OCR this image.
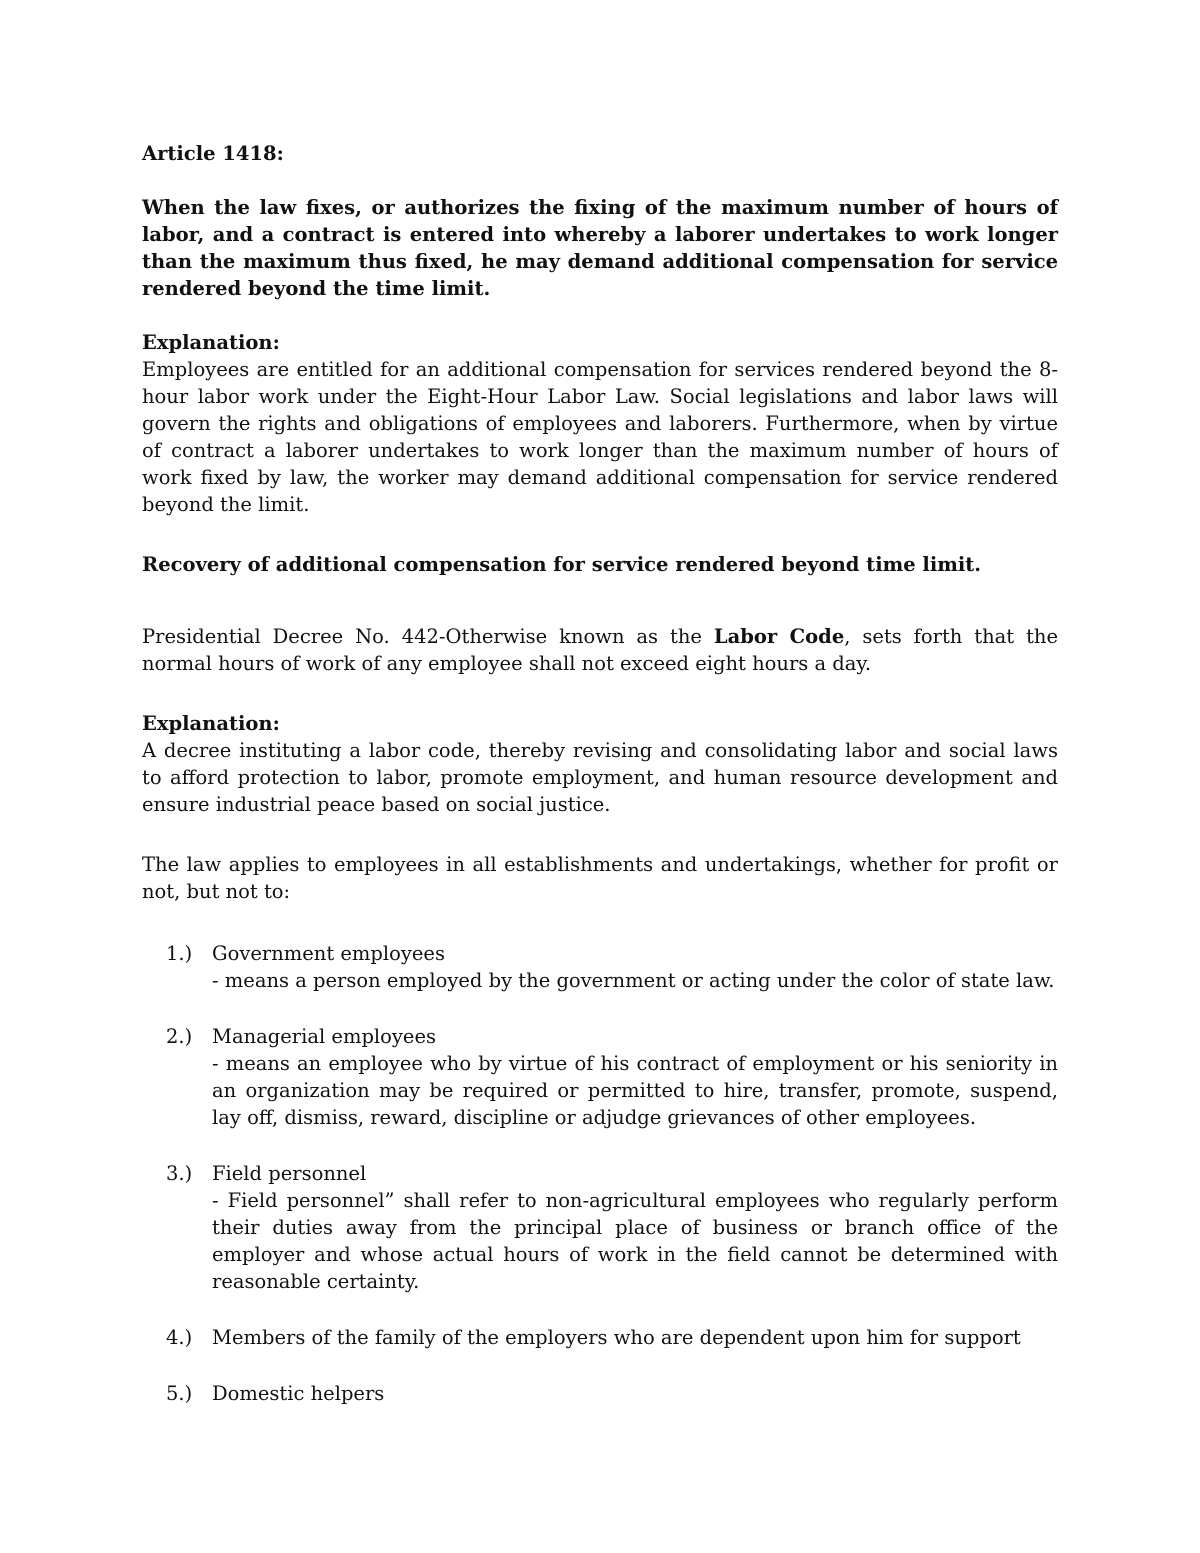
Article 1418:

When the law fixes, or authorizes the fixing of the maximum number of hours of labor, and a contract is entered into whereby a laborer undertakes to work longer than the maximum thus fixed, he may demand additional compensation for service rendered beyond the time limit.

Explanation:

Employees are entitled for an additional compensation for services rendered beyond the 8-hour labor work under the Eight-Hour Labor Law. Social legislations and labor laws will govern the rights and obligations of employees and laborers. Furthermore, when by virtue of contract a laborer undertakes to work longer than the maximum number of hours of work fixed by law, the worker may demand additional compensation for service rendered beyond the limit.

Recovery of additional compensation for service rendered beyond time limit.

Presidential Decree No. 442-Otherwise known as the Labor Code, sets forth that the normal hours of work of any employee shall not exceed eight hours a day.

Explanation:

A decree instituting a labor code, thereby revising and consolidating labor and social laws to afford protection to labor, promote employment, and human resource development and ensure industrial peace based on social justice.

The law applies to employees in all establishments and undertakings, whether for profit or not, but not to:

1.)	Government employees
- means a person employed by the government or acting under the color of state law.
2.)	Managerial employees
- means an employee who by virtue of his contract of employment or his seniority in an organization may be required or permitted to hire, transfer, promote, suspend, lay off, dismiss, reward, discipline or adjudge grievances of other employees.
3.)	Field personnel
- Field personnel” shall refer to non-agricultural employees who regularly perform their duties away from the principal place of business or branch office of the employer and whose actual hours of work in the field cannot be determined with reasonable certainty.
4.)	Members of the family of the employers who are dependent upon him for support
5.)	Domestic helpers
